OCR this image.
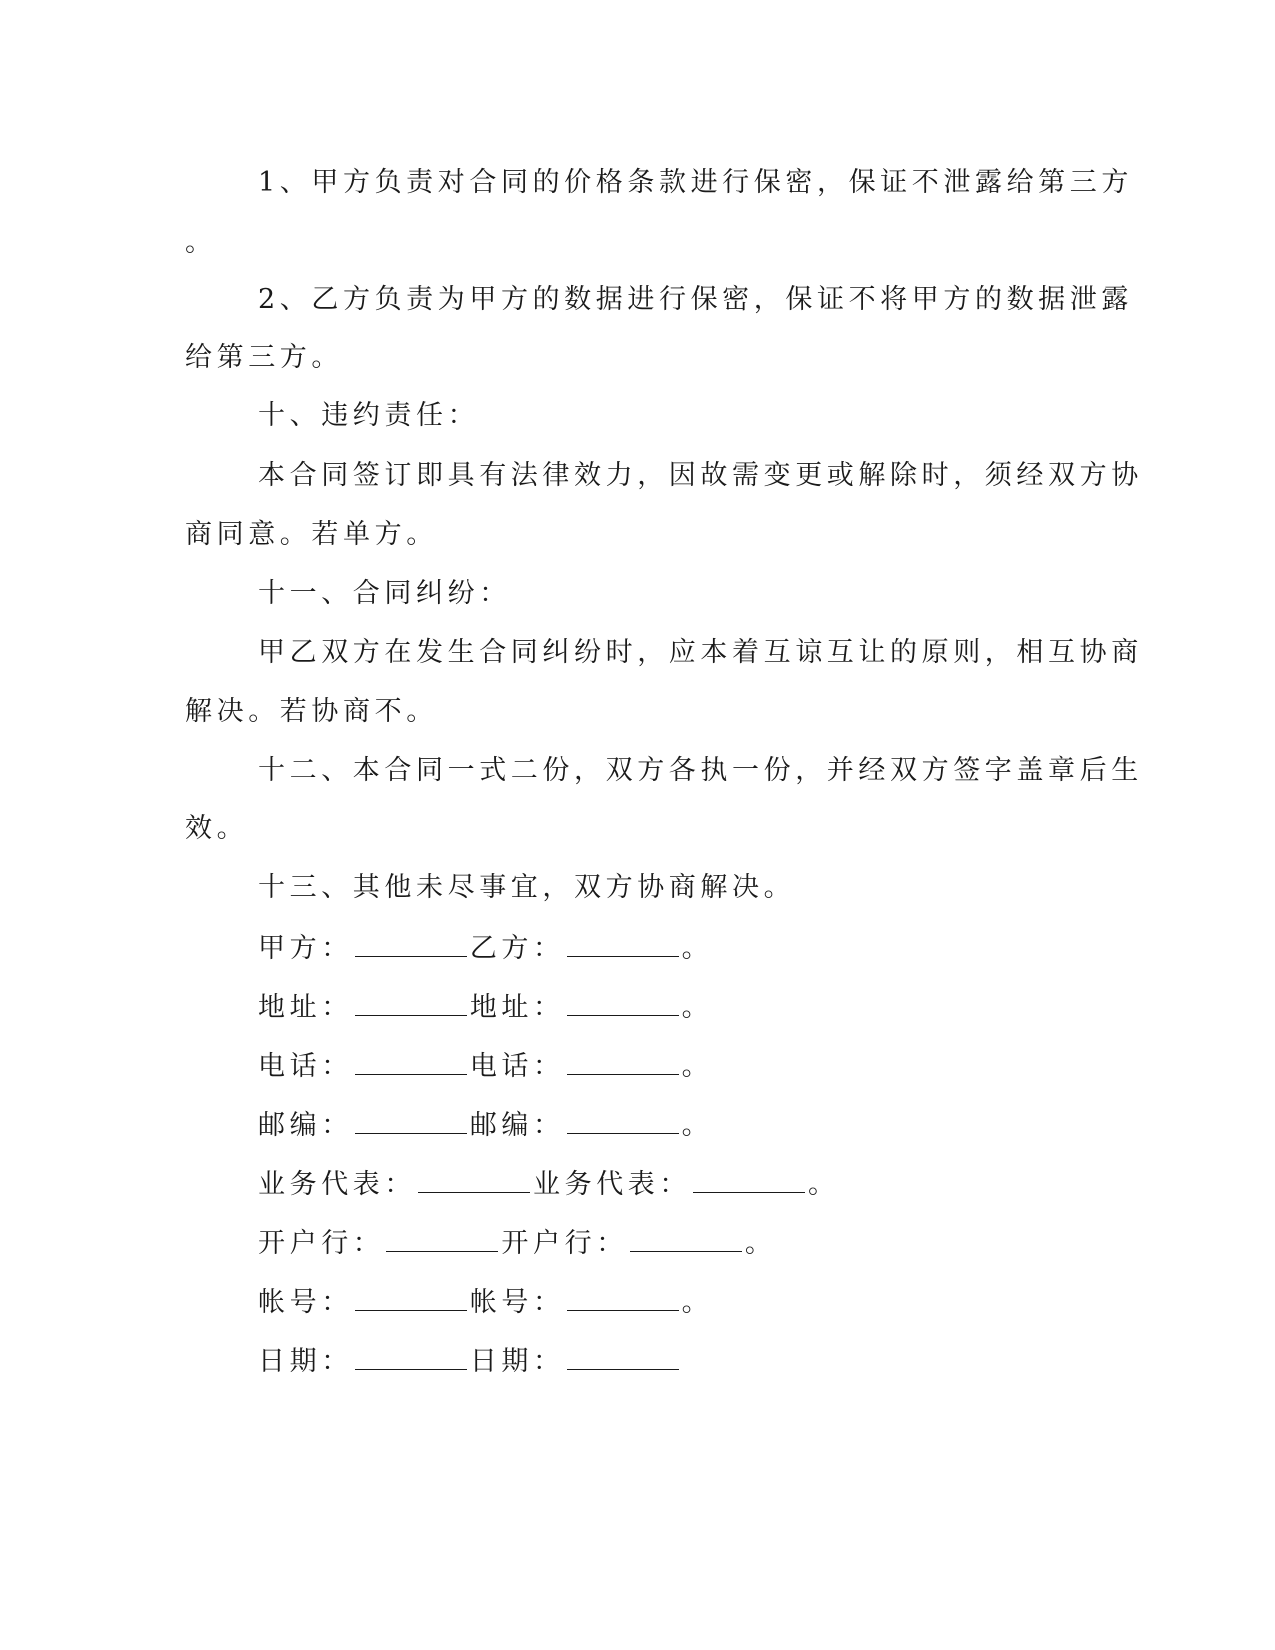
1、甲方负责对合同的价格条款进行保密，保证不泄露给第三方
。
2、乙方负责为甲方的数据进行保密，保证不将甲方的数据泄露
给第三方。
十、违约责任：
本合同签订即具有法律效力，因故需变更或解除时，须经双方协
商同意。若单方。
十一、合同纠纷：
甲乙双方在发生合同纠纷时，应本着互谅互让的原则，相互协商
解决。若协商不。
十二、本合同一式二份，双方各执一份，并经双方签字盖章后生
效。
十三、其他未尽事宜，双方协商解决。
甲方：	乙方：	。
地址：	地址：	。
电话：	电话：	。
邮编：	邮编：	。
业务代表：	业务代表：	。
开户行：	开户行：	。
帐号：	帐号：	。
日期：	日期：
